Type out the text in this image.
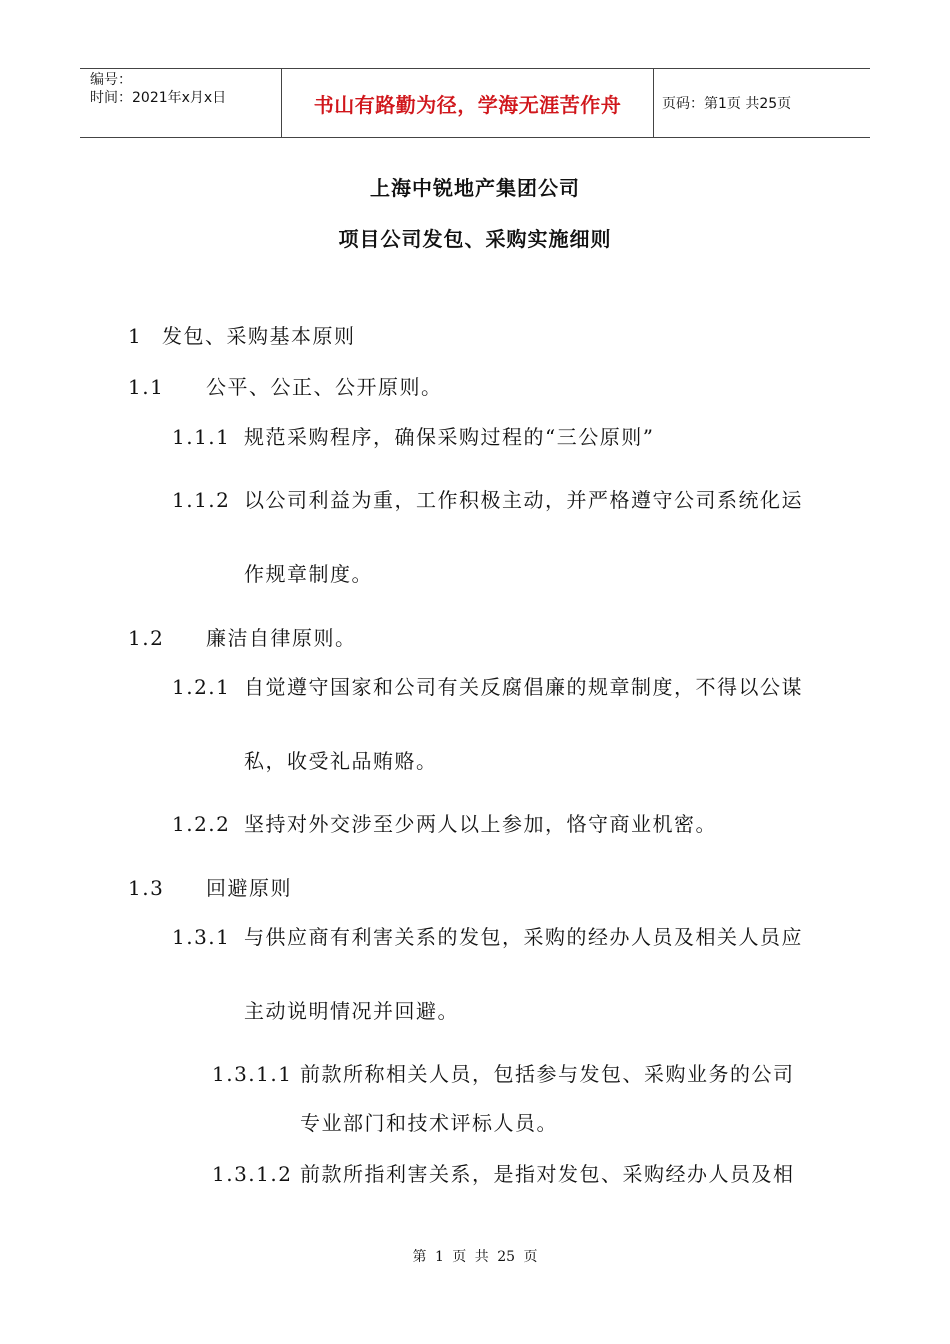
编号：
时间：2021年x月x日	书山有路勤为径，学海无涯苦作舟	页码：第1页 共25页
上海中锐地产集团公司
项目公司发包、采购实施细则
1 发包、采购基本原则
1.1 公平、公正、公开原则。
1.1.1 规范采购程序，确保采购过程的“三公原则”
1.1.2 以公司利益为重，工作积极主动，并严格遵守公司系统化运
作规章制度。
1.2 廉洁自律原则。
1.2.1 自觉遵守国家和公司有关反腐倡廉的规章制度，不得以公谋
私，收受礼品贿赂。
1.2.2 坚持对外交涉至少两人以上参加，恪守商业机密。
1.3 回避原则
1.3.1 与供应商有利害关系的发包，采购的经办人员及相关人员应
主动说明情况并回避。
1.3.1.1 前款所称相关人员，包括参与发包、采购业务的公司
专业部门和技术评标人员。
1.3.1.2 前款所指利害关系，是指对发包、采购经办人员及相
第 1 页 共 25 页
